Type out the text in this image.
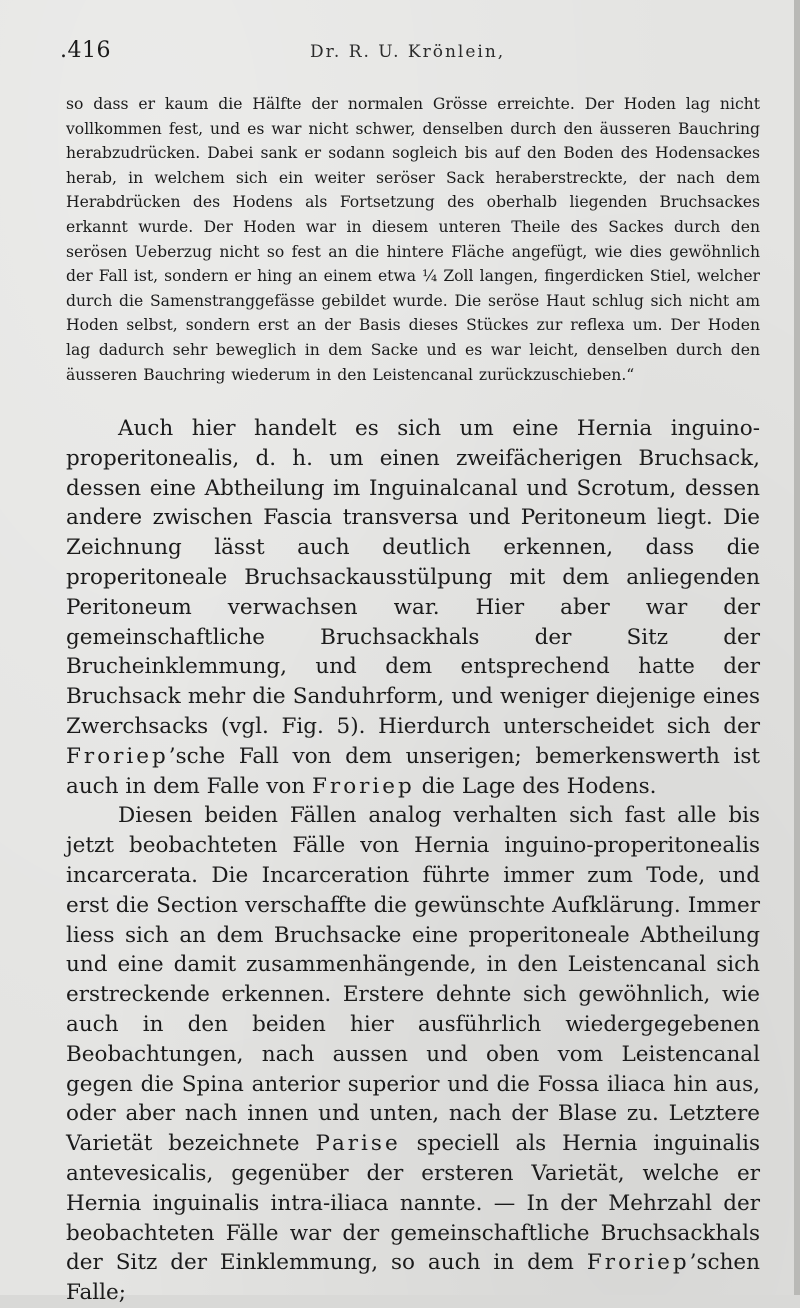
.416	Dr. R. U. Krönlein,
so dass er kaum die Hälfte der normalen Grösse erreichte. Der Hoden lag nicht vollkommen fest, und es war nicht schwer, denselben durch den äusseren Bauchring herabzudrücken. Dabei sank er sodann sogleich bis auf den Boden des Hodensackes herab, in welchem sich ein weiter seröser Sack heraberstreckte, der nach dem Herabdrücken des Hodens als Fortsetzung des oberhalb liegenden Bruchsackes erkannt wurde. Der Hoden war in diesem unteren Theile des Sackes durch den serösen Ueberzug nicht so fest an die hintere Fläche angefügt, wie dies gewöhnlich der Fall ist, sondern er hing an einem etwa ¼ Zoll langen, fingerdicken Stiel, welcher durch die Samenstranggefässe gebildet wurde. Die seröse Haut schlug sich nicht am Hoden selbst, sondern erst an der Basis dieses Stückes zur reflexa um. Der Hoden lag dadurch sehr beweglich in dem Sacke und es war leicht, denselben durch den äusseren Bauchring wiederum in den Leistencanal zurückzuschieben.“

Auch hier handelt es sich um eine Hernia inguino-properitonealis, d. h. um einen zweifächerigen Bruchsack, dessen eine Abtheilung im Inguinalcanal und Scrotum, dessen andere zwischen Fascia transversa und Peritoneum liegt. Die Zeichnung lässt auch deutlich erkennen, dass die properitoneale Bruchsackausstülpung mit dem anliegenden Peritoneum verwachsen war. Hier aber war der gemeinschaftliche Bruchsackhals der Sitz der Brucheinklemmung, und dem entsprechend hatte der Bruchsack mehr die Sanduhrform, und weniger diejenige eines Zwerchsacks (vgl. Fig. 5). Hierdurch unterscheidet sich der Froriep’sche Fall von dem unserigen; bemerkenswerth ist auch in dem Falle von Froriep die Lage des Hodens.

Diesen beiden Fällen analog verhalten sich fast alle bis jetzt beobachteten Fälle von Hernia inguino-properitonealis incarcerata. Die Incarceration führte immer zum Tode, und erst die Section verschaffte die gewünschte Aufklärung. Immer liess sich an dem Bruchsacke eine properitoneale Abtheilung und eine damit zusammenhängende, in den Leistencanal sich erstreckende erkennen. Erstere dehnte sich gewöhnlich, wie auch in den beiden hier ausführlich wiedergegebenen Beobachtungen, nach aussen und oben vom Leistencanal gegen die Spina anterior superior und die Fossa iliaca hin aus, oder aber nach innen und unten, nach der Blase zu. Letztere Varietät bezeichnete Parise speciell als Hernia inguinalis antevesicalis, gegenüber der ersteren Varietät, welche er Hernia inguinalis intra-iliaca nannte. — In der Mehrzahl der beobachteten Fälle war der gemeinschaftliche Bruchsackhals der Sitz der Einklemmung, so auch in dem Froriep’schen Falle;
